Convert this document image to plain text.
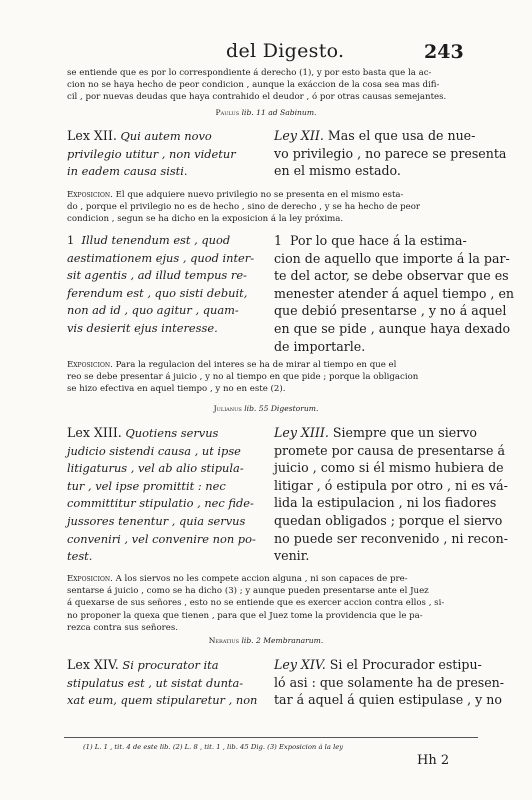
del Digesto.	243
se entiende que es por lo correspondiente á derecho (1), y por esto basta que la ac-
cion no se haya hecho de peor condicion , aunque la exáccion de la cosa sea mas difi-
cil , por nuevas deudas que haya contrahido el deudor , ó por otras causas semejantes.
Paulus lib. 11 ad Sabinum.
Lex XII. Qui autem novo
privilegio utitur , non videtur
in eadem causa sisti.
Ley XII. Mas el que usa de nue-
vo privilegio , no parece se presenta
en el mismo estado.
Exposicion. El que adquiere nuevo privilegio no se presenta en el mismo esta-
do , porque el privilegio no es de hecho , sino de derecho , y se ha hecho de peor
condicion , segun se ha dicho en la exposicion á la ley próxima.
1 Illud tenendum est , quod
aestimationem ejus , quod inter-
sit agentis , ad illud tempus re-
ferendum est , quo sisti debuit,
non ad id , quo agitur , quam-
vis desierit ejus interesse.
1 Por lo que hace á la estima-
cion de aquello que importe á la par-
te del actor, se debe observar que es
menester atender á aquel tiempo , en
que debió presentarse , y no á aquel
en que se pide , aunque haya dexado
de importarle.
Exposicion. Para la regulacion del interes se ha de mirar al tiempo en que el
reo se debe presentar á juicio , y no al tiempo en que pide ; porque la obligacion
se hizo efectiva en aquel tiempo , y no en este (2).
Julianus lib. 55 Digestorum.
Lex XIII. Quotiens servus
judicio sistendi causa , ut ipse
litigaturus , vel ab alio stipula-
tur , vel ipse promittit : nec
committitur stipulatio , nec fide-
jussores tenentur , quia servus
conveniri , vel convenire non po-
test.
Ley XIII. Siempre que un siervo
promete por causa de presentarse á
juicio , como si él mismo hubiera de
litigar , ó estipula por otro , ni es vá-
lida la estipulacion , ni los fiadores
quedan obligados ; porque el siervo
no puede ser reconvenido , ni recon-
venir.
Exposicion. A los siervos no les compete accion alguna , ni son capaces de pre-
sentarse á juicio , como se ha dicho (3) ; y aunque pueden presentarse ante el Juez
á quexarse de sus señores , esto no se entiende que es exercer accion contra ellos , si-
no proponer la quexa que tienen , para que el Juez tome la providencia que le pa-
rezca contra sus señores.
Neratius lib. 2 Membranarum.
Lex XIV. Si procurator ita
stipulatus est , ut sistat dunta-
xat eum, quem stipularetur , non
Ley XIV. Si el Procurador estipu-
ló asi : que solamente ha de presen-
tar á aquel á quien estipulase , y no
(1) L. 1 , tit. 4 de este lib. (2) L. 8 , tit. 1 , lib. 45 Dig. (3) Exposicion á la ley
Hh 2
